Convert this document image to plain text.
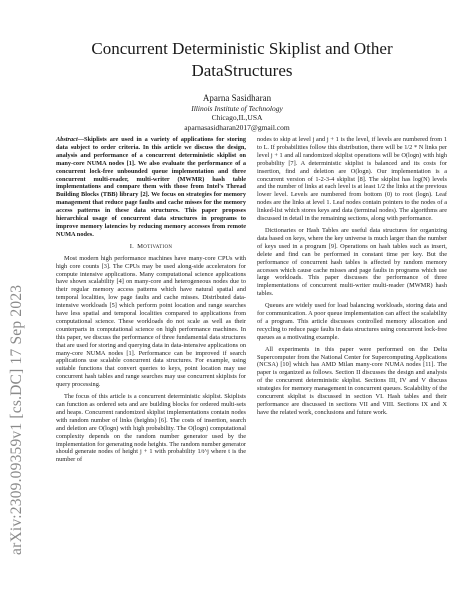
arXiv:2309.09359v1 [cs.DC] 17 Sep 2023
Concurrent Deterministic Skiplist and Other DataStructures
Aparna Sasidharan
Illinois Institute of Technology
Chicago,IL,USA
aparnasasidharan2017@gmail.com

Abstract—Skiplists are used in a variety of applications for storing data subject to order criteria. In this article we discuss the design, analysis and performance of a concurrent deterministic skiplist on many-core NUMA nodes [1]. We also evaluate the performance of a concurrent lock-free unbounded queue implementation and three concurrent multi-reader, multi-writer (MWMR) hash table implementations and compare them with those from Intel's Thread Building Blocks (TBB) library [2]. We focus on strategies for memory management that reduce page faults and cache misses for the memory access patterns in these data structures. This paper proposes hierarchical usage of concurrent data structures in programs to improve memory latencies by reducing memory accesses from remote NUMA nodes.

I. Motivation

Most modern high performance machines have many-core CPUs with high core counts [3]. The CPUs may be used along-side accelerators for compute intensive applications. Many computational science applications have shown scalability [4] on many-core and heterogeneous nodes due to their regular memory access patterns which have natural spatial and temporal localities, low page faults and cache misses. Distributed data-intensive workloads [5] which perform point location and range searches have less spatial and temporal localities compared to applications from computational science. These workloads do not scale as well as their counterparts in computational science on high performance machines. In this paper, we discuss the performance of three fundamental data structures that are used for storing and querying data in data-intensive applications on many-core NUMA nodes [1]. Performance can be improved if search applications use scalable concurrent data structures. For example, using suitable functions that convert queries to keys, point location may use concurrent hash tables and range searches may use concurrent skiplists for query processing.

The focus of this article is a concurrent deterministic skiplist. Skiplists can function as ordered sets and are building blocks for ordered multi-sets and heaps. Concurrent randomized skiplist implementations contain nodes with random number of links (heights) [6]. The costs of insertion, search and deletion are O(logn) with high probability. The O(logn) computational complexity depends on the random number generator used by the implementation for generating node heights. The random number generator should generate nodes of height j + 1 with probability 1/t^j where t is the number of

nodes to skip at level j and j + 1 is the level, if levels are numbered from 1 to L. If probabilities follow this distribution, there will be 1/2 * N links per level j + 1 and all randomized skiplist operations will be O(logn) with high probability [7]. A deterministic skiplist is balanced and its costs for insertion, find and deletion are O(logn). Our implementation is a concurrent version of 1-2-3-4 skiplist [8]. The skiplist has log(N) levels and the number of links at each level is at least 1/2 the links at the previous lower level. Levels are numbered from bottom (0) to root (logn). Leaf nodes are the links at level 1. Leaf nodes contain pointers to the nodes of a linked-list which stores keys and data (terminal nodes). The algorithms are discussed in detail in the remaining sections, along with performance.

Dictionaries or Hash Tables are useful data structures for organizing data based on keys, where the key universe is much larger than the number of keys used in a program [9]. Operations on hash tables such as insert, delete and find can be performed in constant time per key. But the performance of concurrent hash tables is affected by random memory accesses which cause cache misses and page faults in programs which use large workloads. This paper discusses the performance of three implementations of concurrent multi-writer multi-reader (MWMR) hash tables.

Queues are widely used for load balancing workloads, storing data and for communication. A poor queue implementation can affect the scalability of a program. This article discusses controlled memory allocation and recycling to reduce page faults in data structures using concurrent lock-free queues as a motivating example.

All experiments in this paper were performed on the Delta Supercomputer from the National Center for Supercomputing Applications (NCSA) [10] which has AMD Milan many-core NUMA nodes [11]. The paper is organized as follows. Section II discusses the design and analysis of the concurrent deterministic skiplist. Sections III, IV and V discuss strategies for memory management in concurrent queues. Scalability of the concurrent skiplist is discussed in section VI. Hash tables and their performance are discussed in sections VII and VIII. Sections IX and X have the related work, conclusions and future work.
